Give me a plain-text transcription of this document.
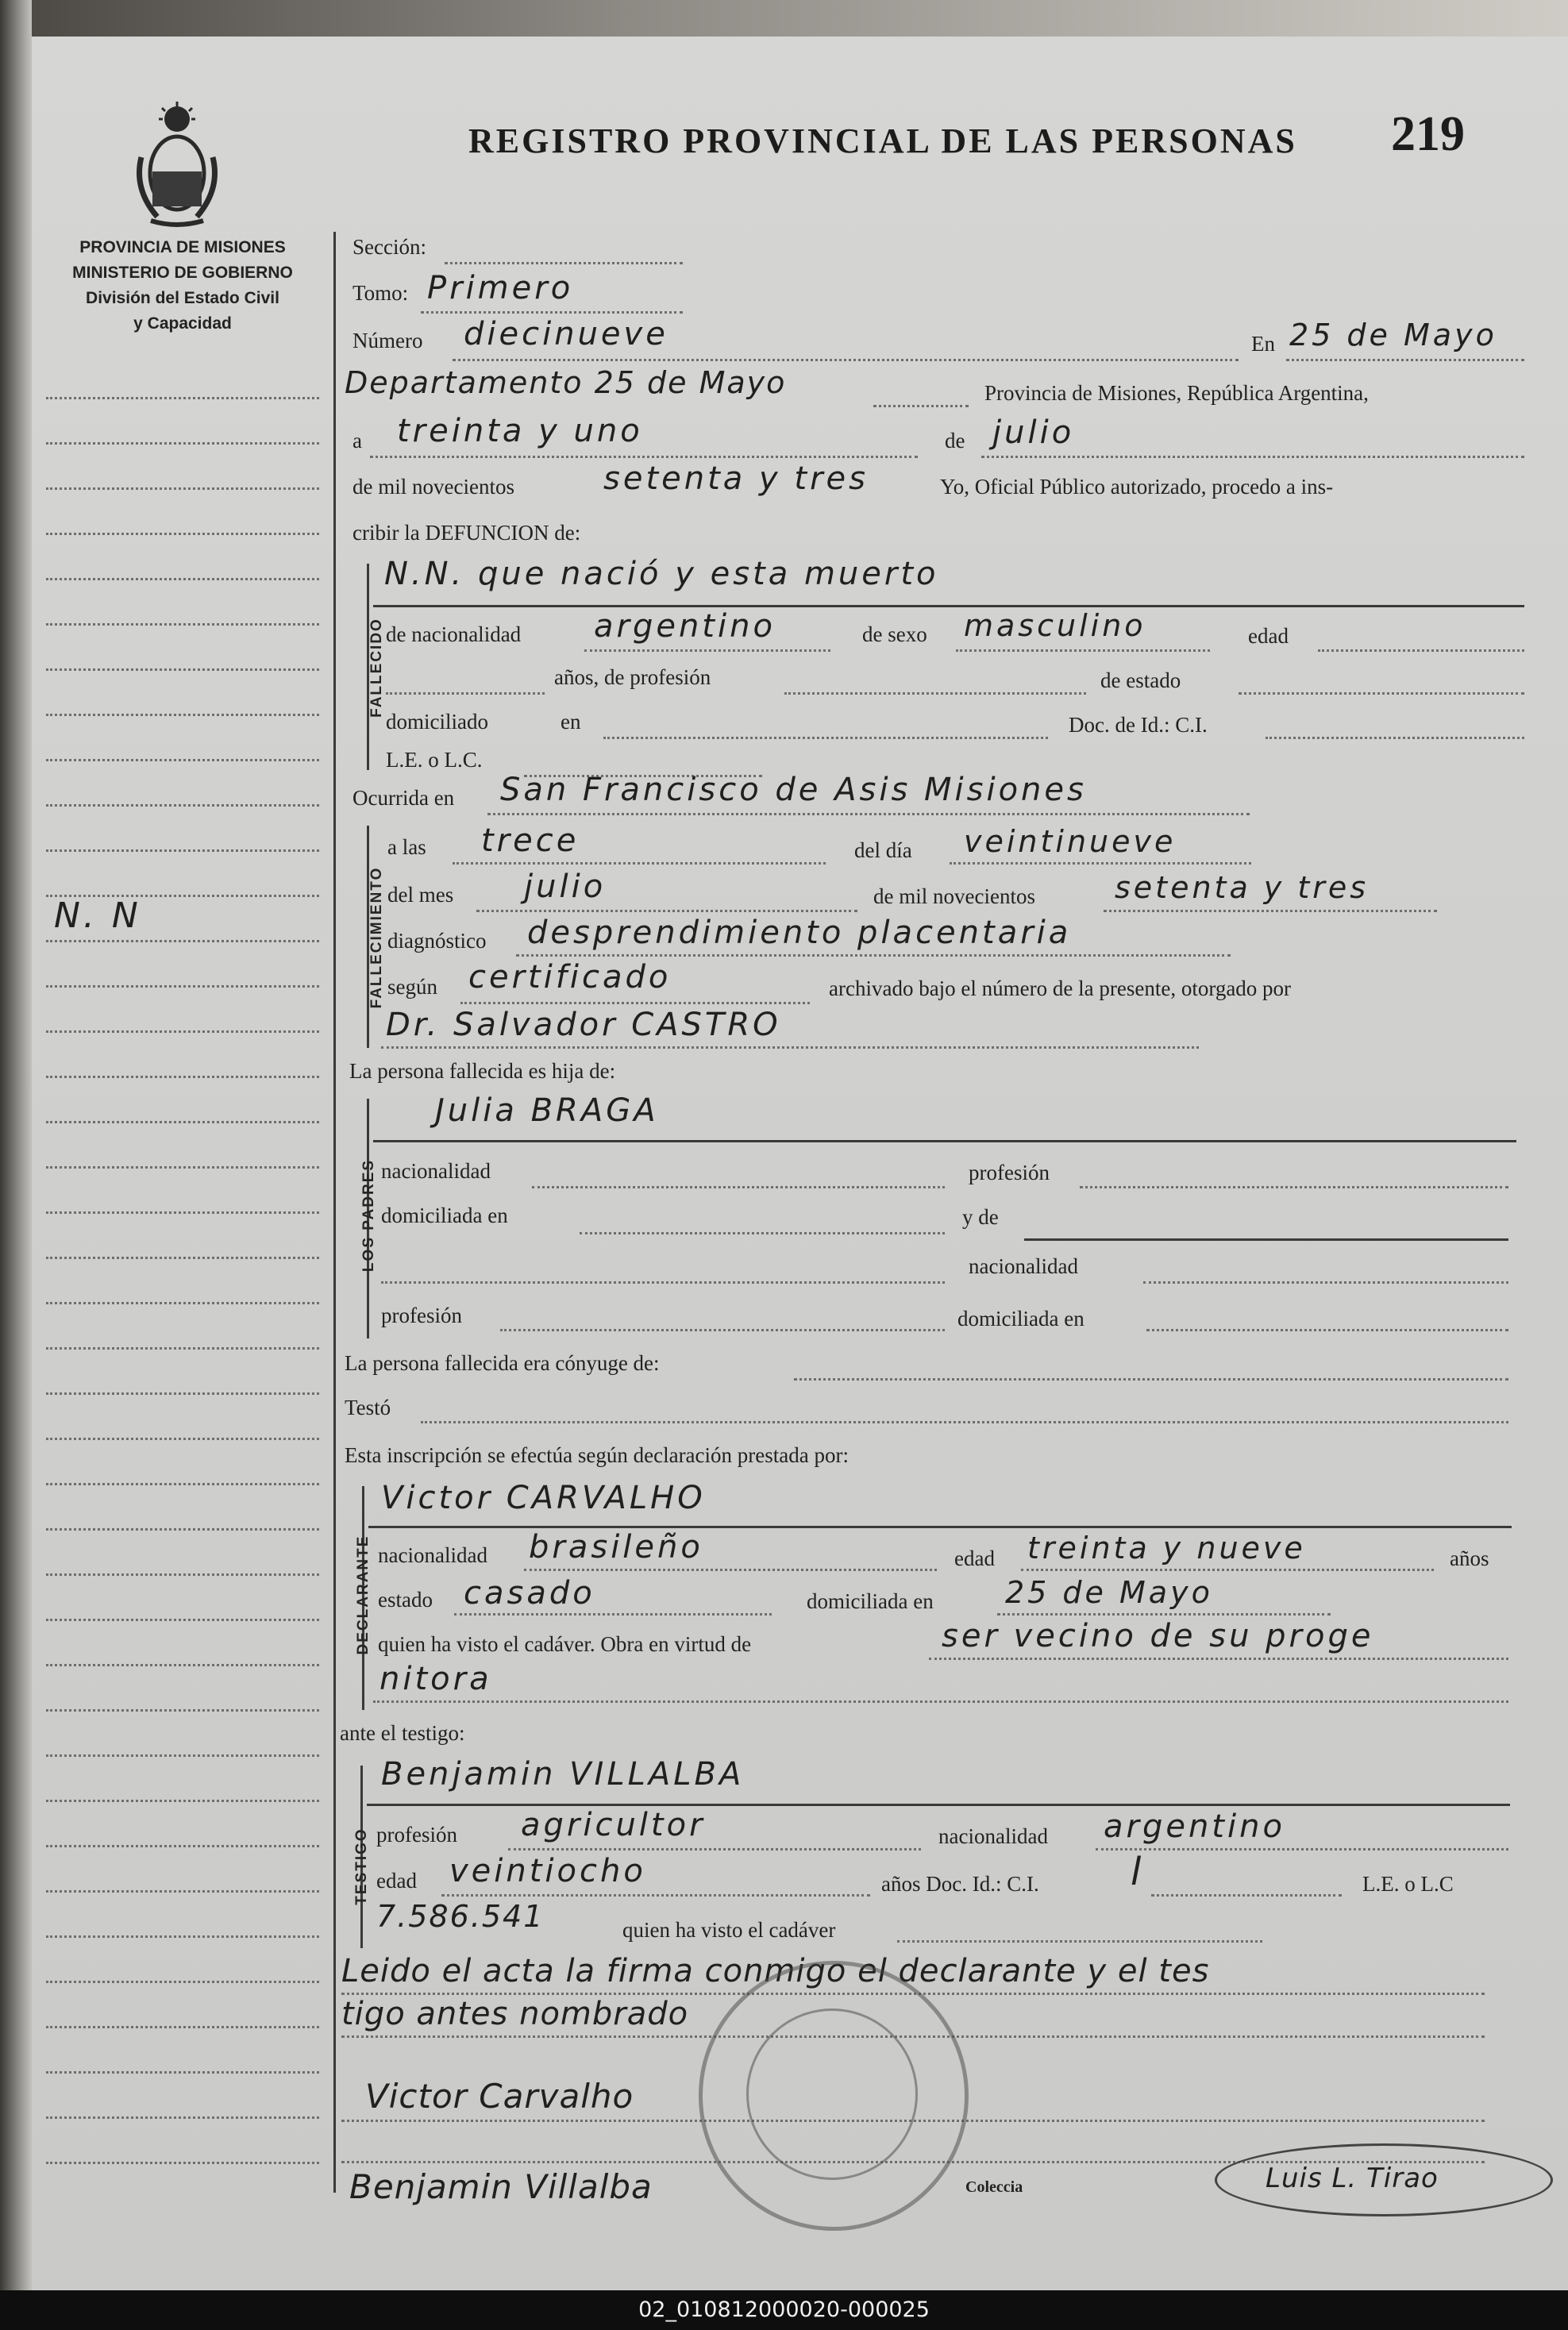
PROVINCIA DE MISIONES
MINISTERIO DE GOBIERNO
División del Estado Civil
y Capacidad
REGISTRO PROVINCIAL DE LAS PERSONAS 219
N. N
Sección:
Tomo: Primero
Número diecinueve	En 25 de Mayo
Departamento 25 de Mayo	Provincia de Misiones, República Argentina,
a treinta y uno	de julio
de mil novecientos	setenta y tres	Yo, Oficial Público autorizado, procedo a ins-
cribir la DEFUNCION de:
FALLECIDO
N.N. que nació y esta muerto
de nacionalidad argentino	de sexo masculino	edad
años, de profesión	de estado
domiciliado	en	Doc. de Id.: C.I.
L.E. o L.C.
Ocurrida en San Francisco de Asis Misiones
FALLECIMIENTO
a las trece	del día veintinueve
del mes julio	de mil novecientos	setenta y tres
diagnóstico desprendimiento placentaria
según certificado	archivado bajo el número de la presente, otorgado por
Dr. Salvador CASTRO
La persona fallecida es hija de:
LOS PADRES
Julia BRAGA
nacionalidad	profesión
domiciliada en	y de
nacionalidad
profesión	domiciliada en
La persona fallecida era cónyuge de:
Testó
Esta inscripción se efectúa según declaración prestada por:
DECLARANTE
Victor CARVALHO
nacionalidad brasileño	edad treinta y nueve	años
estado casado	domiciliada en 25 de Mayo
quien ha visto el cadáver. Obra en virtud de	ser vecino de su proge
nitora
ante el testigo:
TESTIGO
Benjamin VILLALBA
profesión agricultor	nacionalidad argentino
edad veintiocho	años Doc. Id.: C.I. l	L.E. o L.C
7.586.541	quien ha visto el cadáver
Leido el acta la firma conmigo el declarante y el tes
tigo antes nombrado
Victor Carvalho
Benjamin Villalba	Coleccia	Luis L. Tirao
02_010812000020-000025
